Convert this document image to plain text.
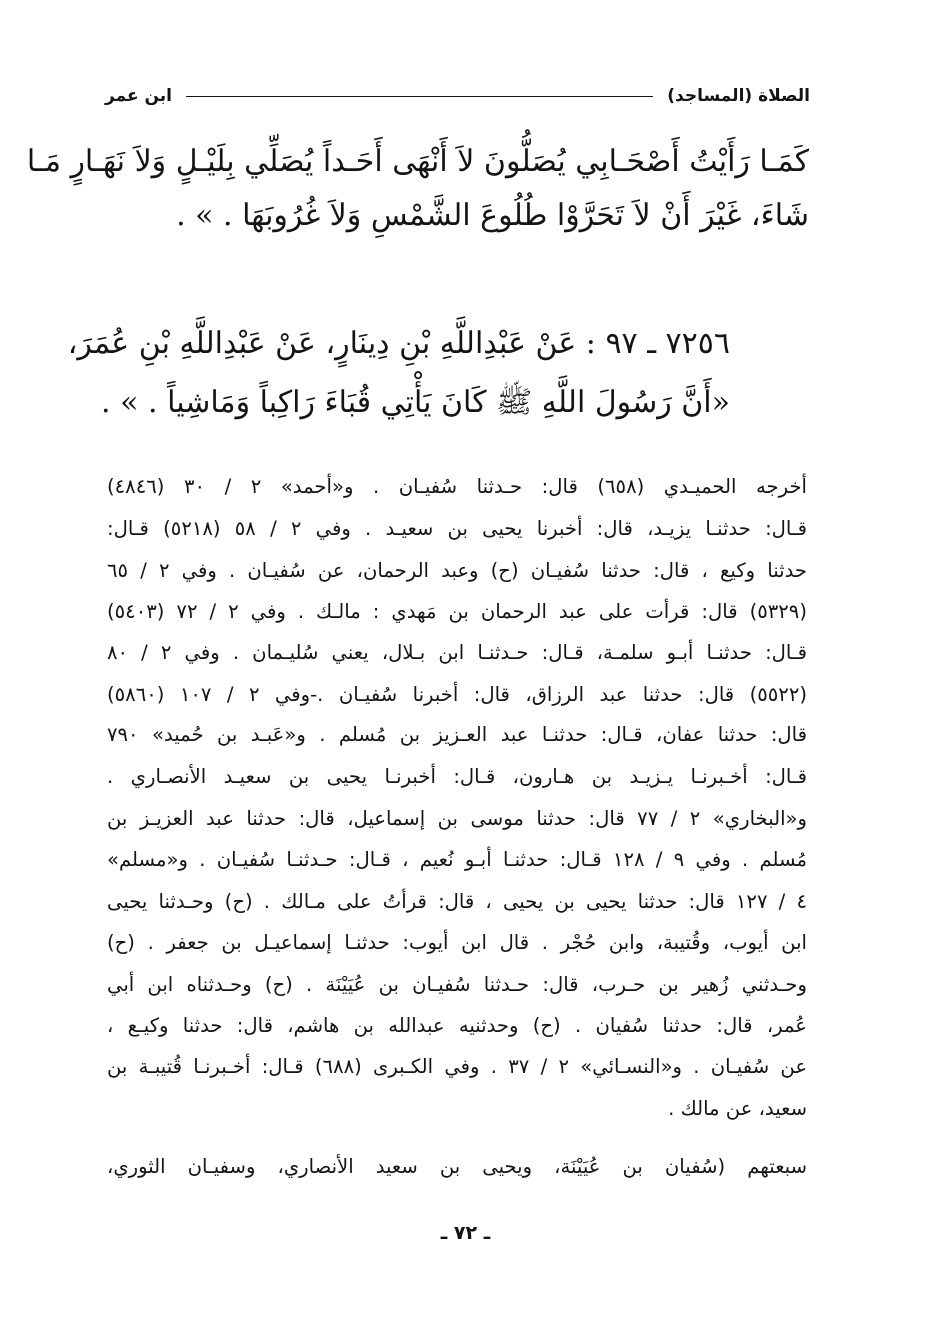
الصلاة (المساجد)
ابن عمر
كَمَـا رَأَيْتُ أَصْحَـابِي يُصَلُّونَ لاَ أَنْهَى أَحَـداً يُصَلِّي بِلَيْـلٍ وَلاَ نَهَـارٍ مَـا
شَاءَ، غَيْرَ أَنْ لاَ تَحَرَّوْا طُلُوعَ الشَّمْسِ وَلاَ غُرُوبَهَا . » .
٧٢٥٦ ـ ٩٧ : عَنْ عَبْدِاللَّهِ بْنِ دِينَارٍ، عَنْ عَبْدِاللَّهِ بْنِ عُمَرَ،
«أَنَّ رَسُولَ اللَّهِ ﷺ كَانَ يَأْتِي قُبَاءَ رَاكِباً وَمَاشِياً . » .
أخرجه الحميـدي (٦٥٨) قال: حـدثنا سُفيـان . و«أحمد» ٢ / ٣٠ (٤٨٤٦)
قـال: حدثنـا يزيـد، قال: أخبرنا يحيى بن سعيـد . وفي ٢ / ٥٨ (٥٢١٨) قـال:
حدثنا وكيع ، قال: حدثنا سُفيـان (ح) وعبد الرحمان، عن سُفيـان . وفي ٢ / ٦٥
(٥٣٢٩) قال: قرأت على عبد الرحمان بن مَهدي : مالـك . وفي ٢ / ٧٢ (٥٤٠٣)
قـال: حدثنـا أبـو سلمـة، قـال: حـدثنـا ابن بـلال، يعني سُليـمان . وفي ٢ / ٨٠
(٥٥٢٢) قال: حدثنا عبد الرزاق، قال: أخبرنا سُفيـان .-وفي ٢ / ١٠٧ (٥٨٦٠)
قال: حدثنا عفان، قـال: حدثنـا عبد العـزيز بن مُسلم . و«عَبـد بن حُميد» ٧٩٠
قـال: أخـبرنـا يـزيـد بن هـارون، قـال: أخبرنـا يحيى بن سعيـد الأنصـاري .
و«البخاري» ٢ / ٧٧ قال: حدثنا موسى بن إسماعيل، قال: حدثنا عبد العزيـز بن
مُسلم . وفي ٩ / ١٢٨ قـال: حدثنـا أبـو نُعيم ، قـال: حـدثنـا سُفيـان . و«مسلم»
٤ / ١٢٧ قال: حدثنا يحيى بن يحيى ، قال: قرأتُ على مـالك . (ح) وحـدثنا يحيى
ابن أيوب، وقُتيبة، وابن حُجْر . قال ابن أيوب: حدثنـا إسماعيـل بن جعفر . (ح)
وحـدثني زُهير بن حـرب، قال: حـدثنا سُفيـان بن عُيَيْنَة . (ح) وحـدثناه ابن أبي
عُمر، قال: حدثنا سُفيان . (ح) وحدثنيه عبدالله بن هاشم، قال: حدثنا وكيـع ،
عن سُفيـان . و«النسـائي» ٢ / ٣٧ . وفي الكـبرى (٦٨٨) قـال: أخـبرنـا قُتيبـة بن
سعيد، عن مالك .
سبعتهم (سُفيان بن عُيَيْنَة، ويحيى بن سعيد الأنصاري، وسفيـان الثوري،
ـ ٧٢ ـ
